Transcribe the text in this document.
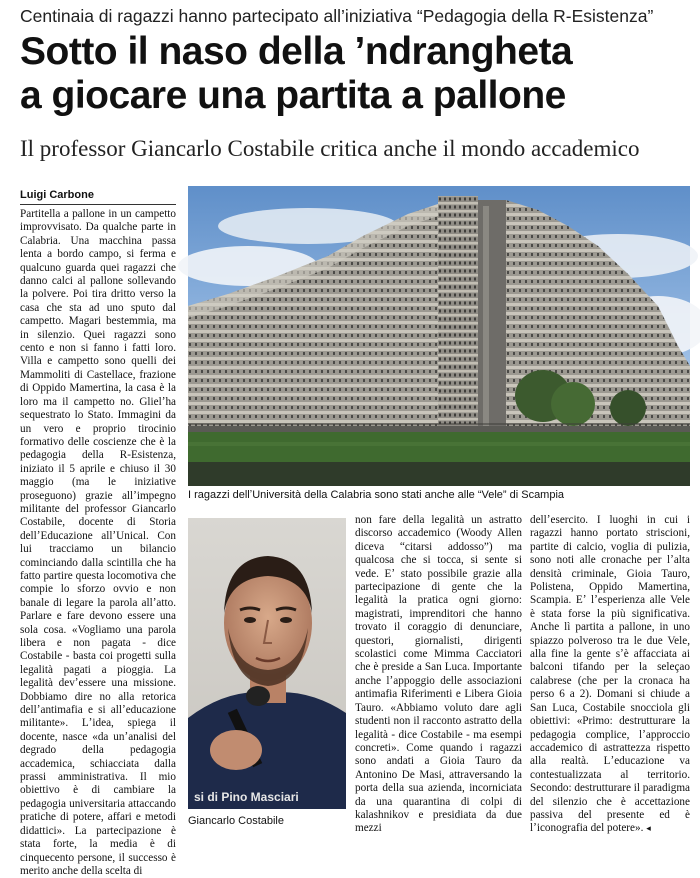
Centinaia di ragazzi hanno partecipato all’iniziativa “Pedagogia della R-Esistenza”
Sotto il naso della ’ndrangheta
a giocare una partita a pallone
Il professor Giancarlo Costabile critica anche il mondo accademico
Luigi Carbone

Partitella a pallone in un campetto improvvisato. Da qualche parte in Calabria. Una macchina passa lenta a bordo campo, si ferma e qualcuno guarda quei ragazzi che danno calci al pallone sollevando la polvere. Poi tira dritto verso la casa che sta ad uno sputo dal campetto. Magari bestemmia, ma in silenzio. Quei ragazzi sono cento e non si fanno i fatti loro. Villa e campetto sono quelli dei Mammoliti di Castellace, frazione di Oppido Mamertina, la casa è la loro ma il campetto no. Glielʼha sequestrato lo Stato. Immagini da un vero e proprio tirocinio formativo delle coscienze che è la pedagogia della R-Esistenza, iniziato il 5 aprile e chiuso il 30 maggio (ma le iniziative proseguono) grazie allʼimpegno militante del professor Giancarlo Costabile, docente di Storia dellʼEducazione allʼUnical. Con lui tracciamo un bilancio cominciando dalla scintilla che ha fatto partire questa locomotiva che compie lo sforzo ovvio e non banale di legare la parola allʼatto. Parlare e fare devono essere una sola cosa. «Vogliamo una parola libera e non pagata - dice Costabile - basta coi progetti sulla legalità pagati a pioggia. La legalità devʼessere una missione. Dobbiamo dire no alla retorica dellʼantimafia e si allʼeducazione militante». Lʼidea, spiega il docente, nasce «da unʼanalisi del degrado della pedagogia accademica, schiacciata dalla prassi amministrativa. Il mio obiettivo è di cambiare la pedagogia universitaria attaccando pratiche di potere, affari e metodi didattici». La partecipazione è stata forte, la media è di cinquecento persone, il successo è merito anche della scelta di

I ragazzi dellʼUniversità della Calabria sono stati anche alle “Vele” di Scampia
si di Pino Masciari
Giancarlo Costabile

non fare della legalità un astratto discorso accademico (Woody Allen diceva “citarsi addosso”) ma qualcosa che si tocca, si sente si vede. Eʼ stato possibile grazie alla partecipazione di gente che la legalità la pratica ogni giorno: magistrati, imprenditori che hanno trovato il coraggio di denunciare, questori, giornalisti, dirigenti scolastici come Mimma Cacciatori che è preside a San Luca. Importante anche lʼappoggio delle associazioni antimafia Riferimenti e Libera Gioia Tauro. «Abbiamo voluto dare agli studenti non il racconto astratto della legalità - dice Costabile - ma esempi concreti». Come quando i ragazzi sono andati a Gioia Tauro da Antonino De Masi, attraversando la porta della sua azienda, incorniciata da una quarantina di colpi di kalashnikov e presidiata da due mezzi

dellʼesercito. I luoghi in cui i ragazzi hanno portato striscioni, partite di calcio, voglia di pulizia, sono noti alle cronache per lʼalta densità criminale, Gioia Tauro, Polistena, Oppido Mamertina, Scampia. Eʼ lʼesperienza alle Vele è stata forse la più significativa. Anche lì partita a pallone, in uno spiazzo polveroso tra le due Vele, alla fine la gente sʼè affacciata ai balconi tifando per la seleçao calabrese (che per la cronaca ha perso 6 a 2). Domani si chiude a San Luca, Costabile snocciola gli obiettivi: «Primo: destrutturare la pedagogia complice, lʼapproccio accademico di astrattezza rispetto alla realtà. Lʼeducazione va contestualizzata al territorio. Secondo: destrutturare il paradigma del silenzio che è accettazione passiva del presente ed è lʼiconografia del potere». ◂
